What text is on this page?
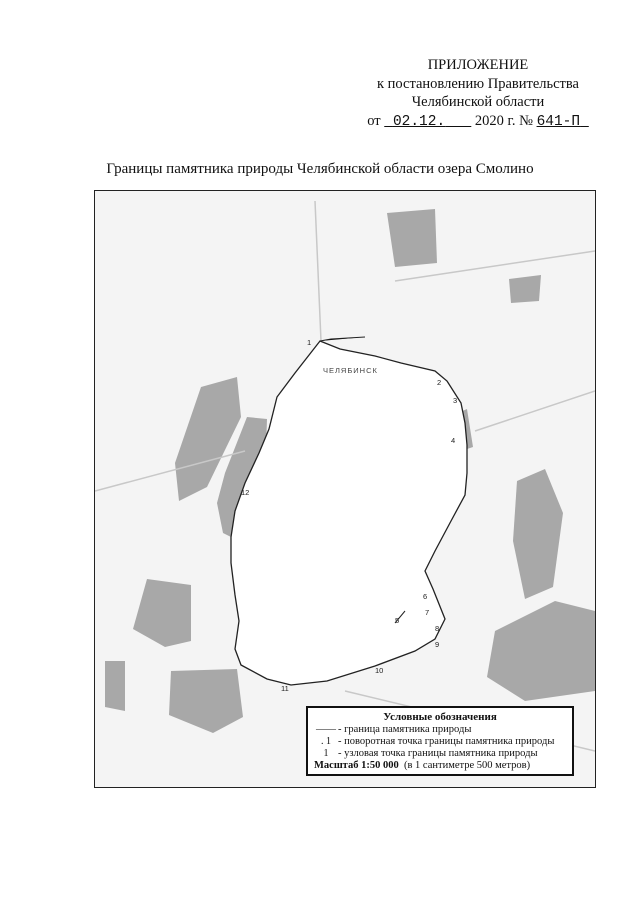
ПРИЛОЖЕНИЕ
к постановлению Правительства
Челябинской области
от 02.12. 2020 г. № 641-П
Границы памятника природы Челябинской области озера Смолино
1
2
3
4
5
6
7
8
9
10
11
12
ЧЕЛЯБИНСК
Условные обозначения
—— - граница памятника природы
. 1 - поворотная точка границы памятника природы
1 - узловая точка границы памятника природы
Масштаб 1:50 000
(в 1 сантиметре 500 метров)
